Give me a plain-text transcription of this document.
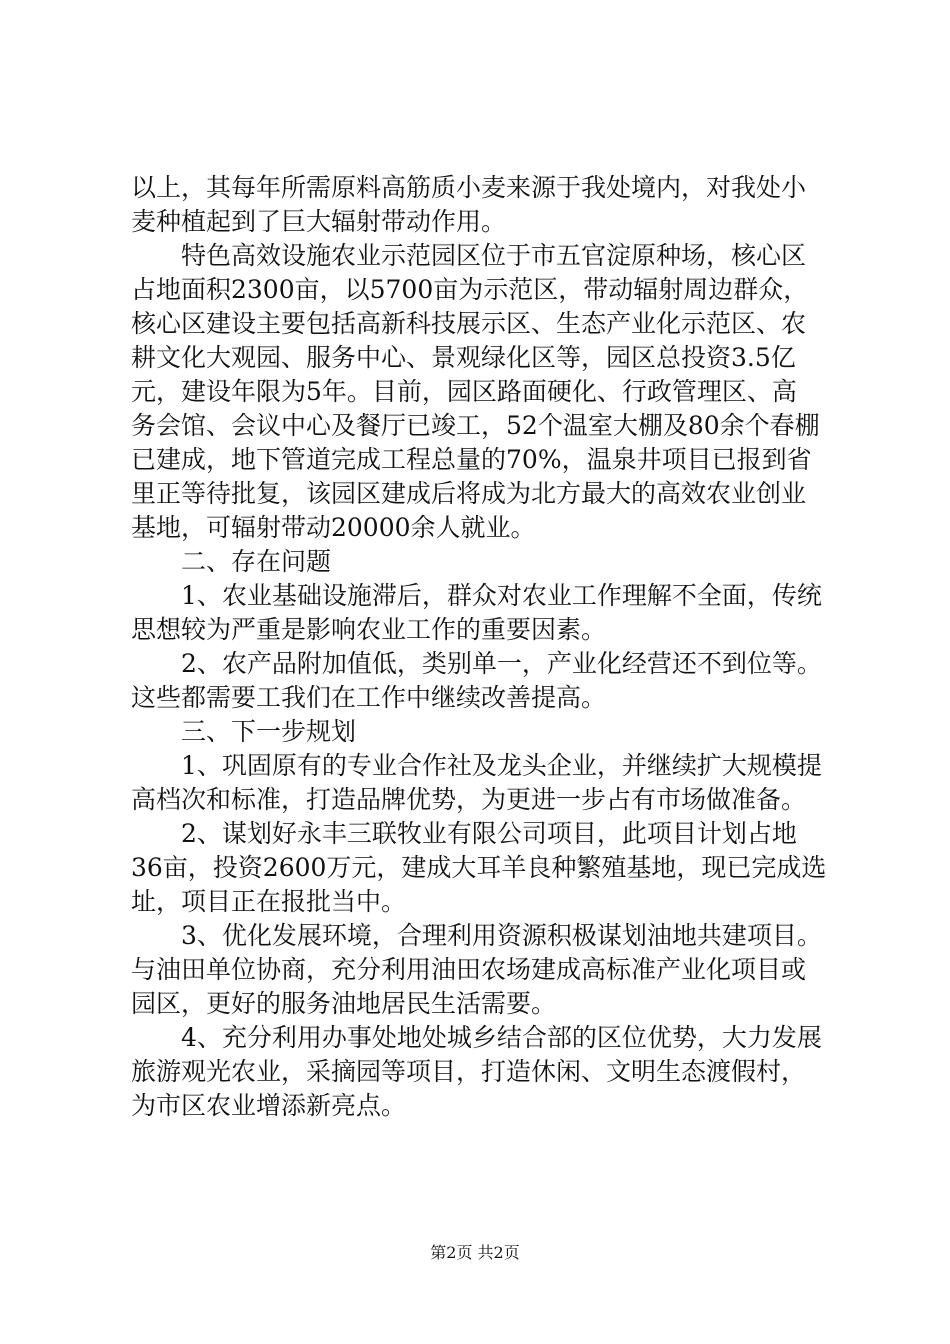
以上，其每年所需原料高筋质小麦来源于我处境内，对我处小
麦种植起到了巨大辐射带动作用。
　　特色高效设施农业示范园区位于市五官淀原种场，核心区
占地面积2300亩，以5700亩为示范区，带动辐射周边群众，
核心区建设主要包括高新科技展示区、生态产业化示范区、农
耕文化大观园、服务中心、景观绿化区等，园区总投资3.5亿
元，建设年限为5年。目前，园区路面硬化、行政管理区、高
务会馆、会议中心及餐厅已竣工，52个温室大棚及80余个春棚
已建成，地下管道完成工程总量的70%，温泉井项目已报到省
里正等待批复，该园区建成后将成为北方最大的高效农业创业
基地，可辐射带动20000余人就业。
　　二、存在问题
　　1、农业基础设施滞后，群众对农业工作理解不全面，传统
思想较为严重是影响农业工作的重要因素。
　　2、农产品附加值低，类别单一，产业化经营还不到位等。
这些都需要工我们在工作中继续改善提高。
　　三、下一步规划
　　1、巩固原有的专业合作社及龙头企业，并继续扩大规模提
高档次和标准，打造品牌优势，为更进一步占有市场做准备。
　　2、谋划好永丰三联牧业有限公司项目，此项目计划占地
36亩，投资2600万元，建成大耳羊良种繁殖基地，现已完成选
址，项目正在报批当中。
　　3、优化发展环境，合理利用资源积极谋划油地共建项目。
与油田单位协商，充分利用油田农场建成高标准产业化项目或
园区，更好的服务油地居民生活需要。
　　4、充分利用办事处地处城乡结合部的区位优势，大力发展
旅游观光农业，采摘园等项目，打造休闲、文明生态渡假村，
为市区农业增添新亮点。
第2页 共2页
